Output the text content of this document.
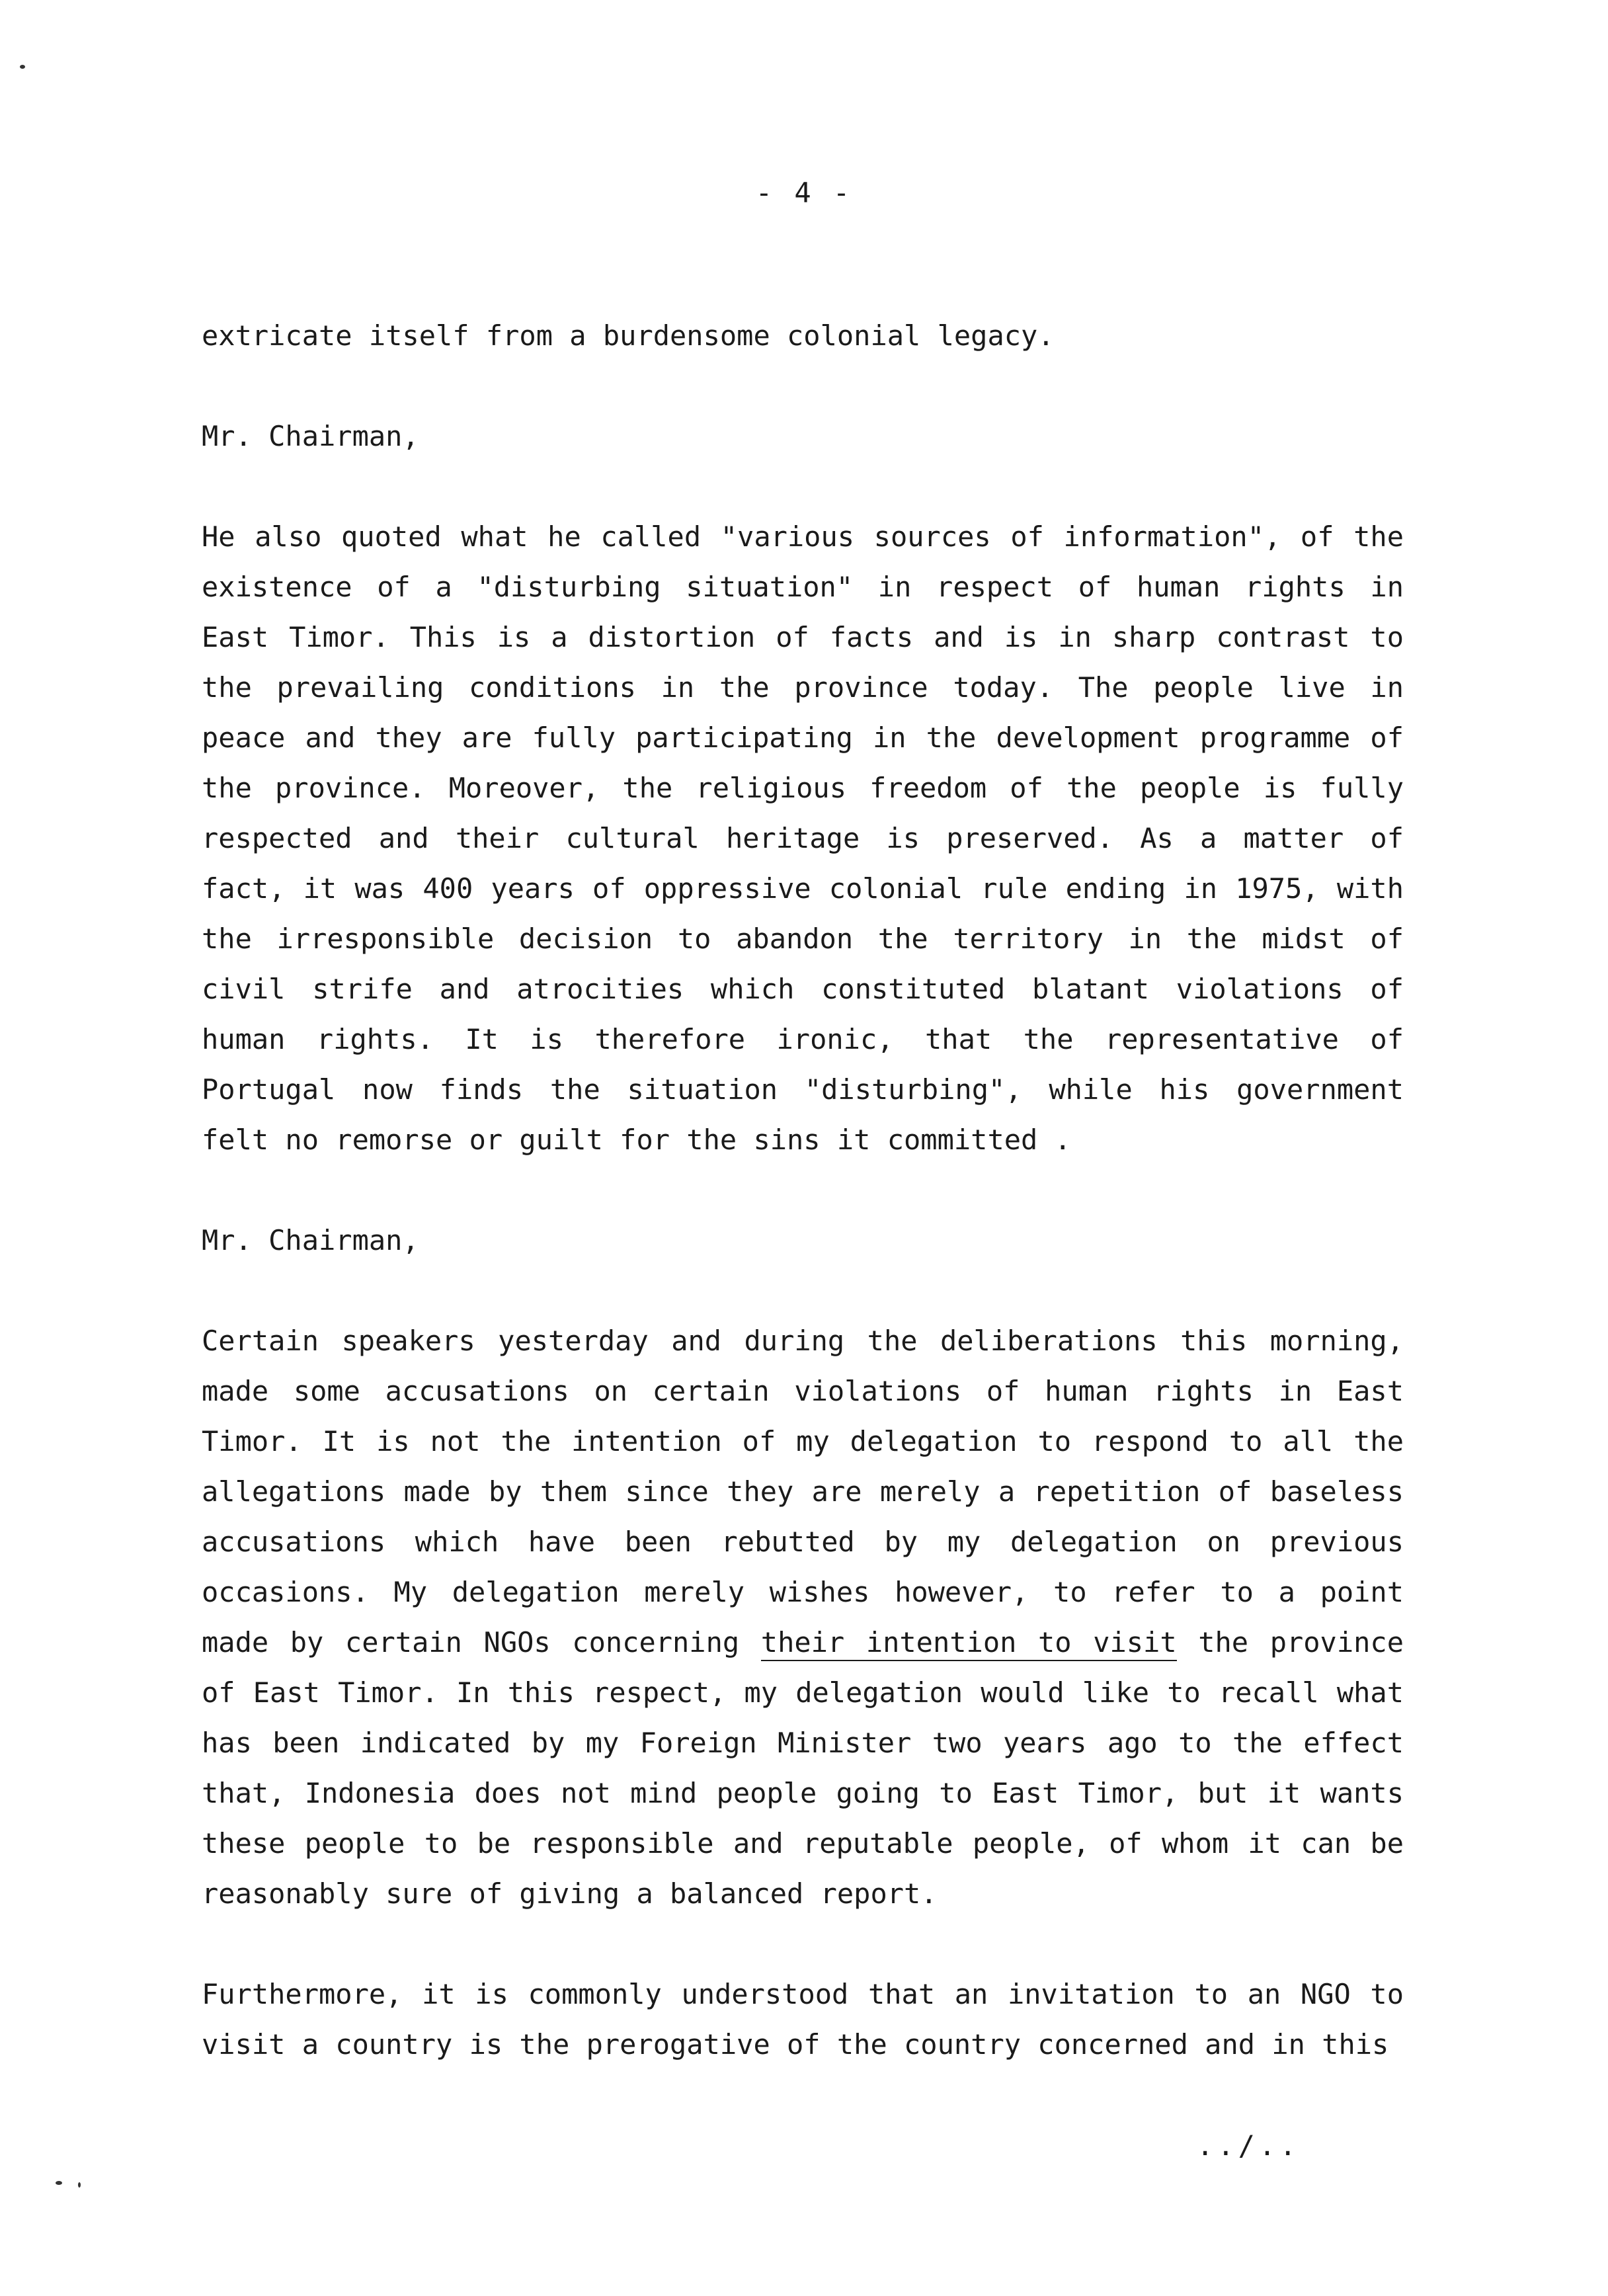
- 4 -

extricate itself from a burdensome colonial legacy.

Mr. Chairman,

He also quoted what he called "various sources of information", of the existence of a "disturbing situation" in respect of human rights in East Timor. This is a distortion of facts and is in sharp contrast to the prevailing conditions in the province today. The people live in peace and they are fully participating in the development programme of the province. Moreover, the religious freedom of the people is fully respected and their cultural heritage is preserved. As a matter of fact, it was 400 years of oppressive colonial rule ending in 1975, with the irresponsible decision to abandon the territory in the midst of civil strife and atrocities which constituted blatant violations of human rights. It is therefore ironic, that the representative of Portugal now finds the situation "disturbing", while his government felt no remorse or guilt for the sins it committed .

Mr. Chairman,

Certain speakers yesterday and during the deliberations this morning, made some accusations on certain violations of human rights in East Timor. It is not the intention of my delegation to respond to all the allegations made by them since they are merely a repetition of baseless accusations which have been rebutted by my delegation on previous occasions. My delegation merely wishes however, to refer to a point made by certain NGOs concerning their intention to visit the province of East Timor. In this respect, my delegation would like to recall what has been indicated by my Foreign Minister two years ago to the effect that, Indonesia does not mind people going to East Timor, but it wants these people to be responsible and reputable people, of whom it can be reasonably sure of giving a balanced report.

Furthermore, it is commonly understood that an invitation to an NGO to visit a country is the prerogative of the country concerned and in this

../..
